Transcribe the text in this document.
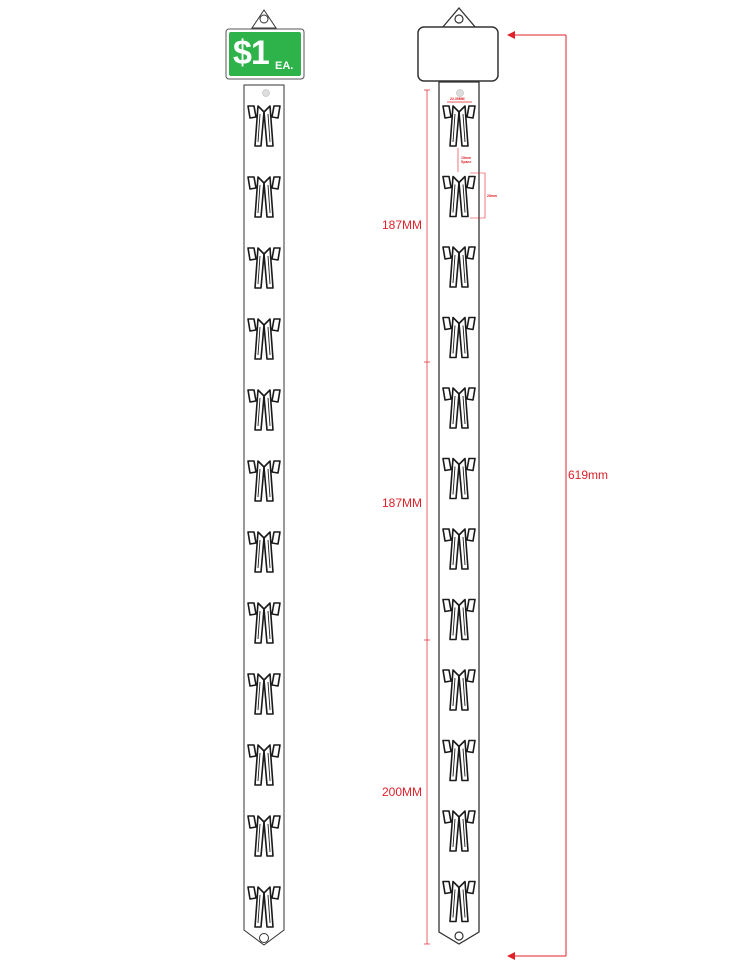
$1 EA.
619mm
187MM
187MM
200MM
22.35MM
15mm Space
28mm
